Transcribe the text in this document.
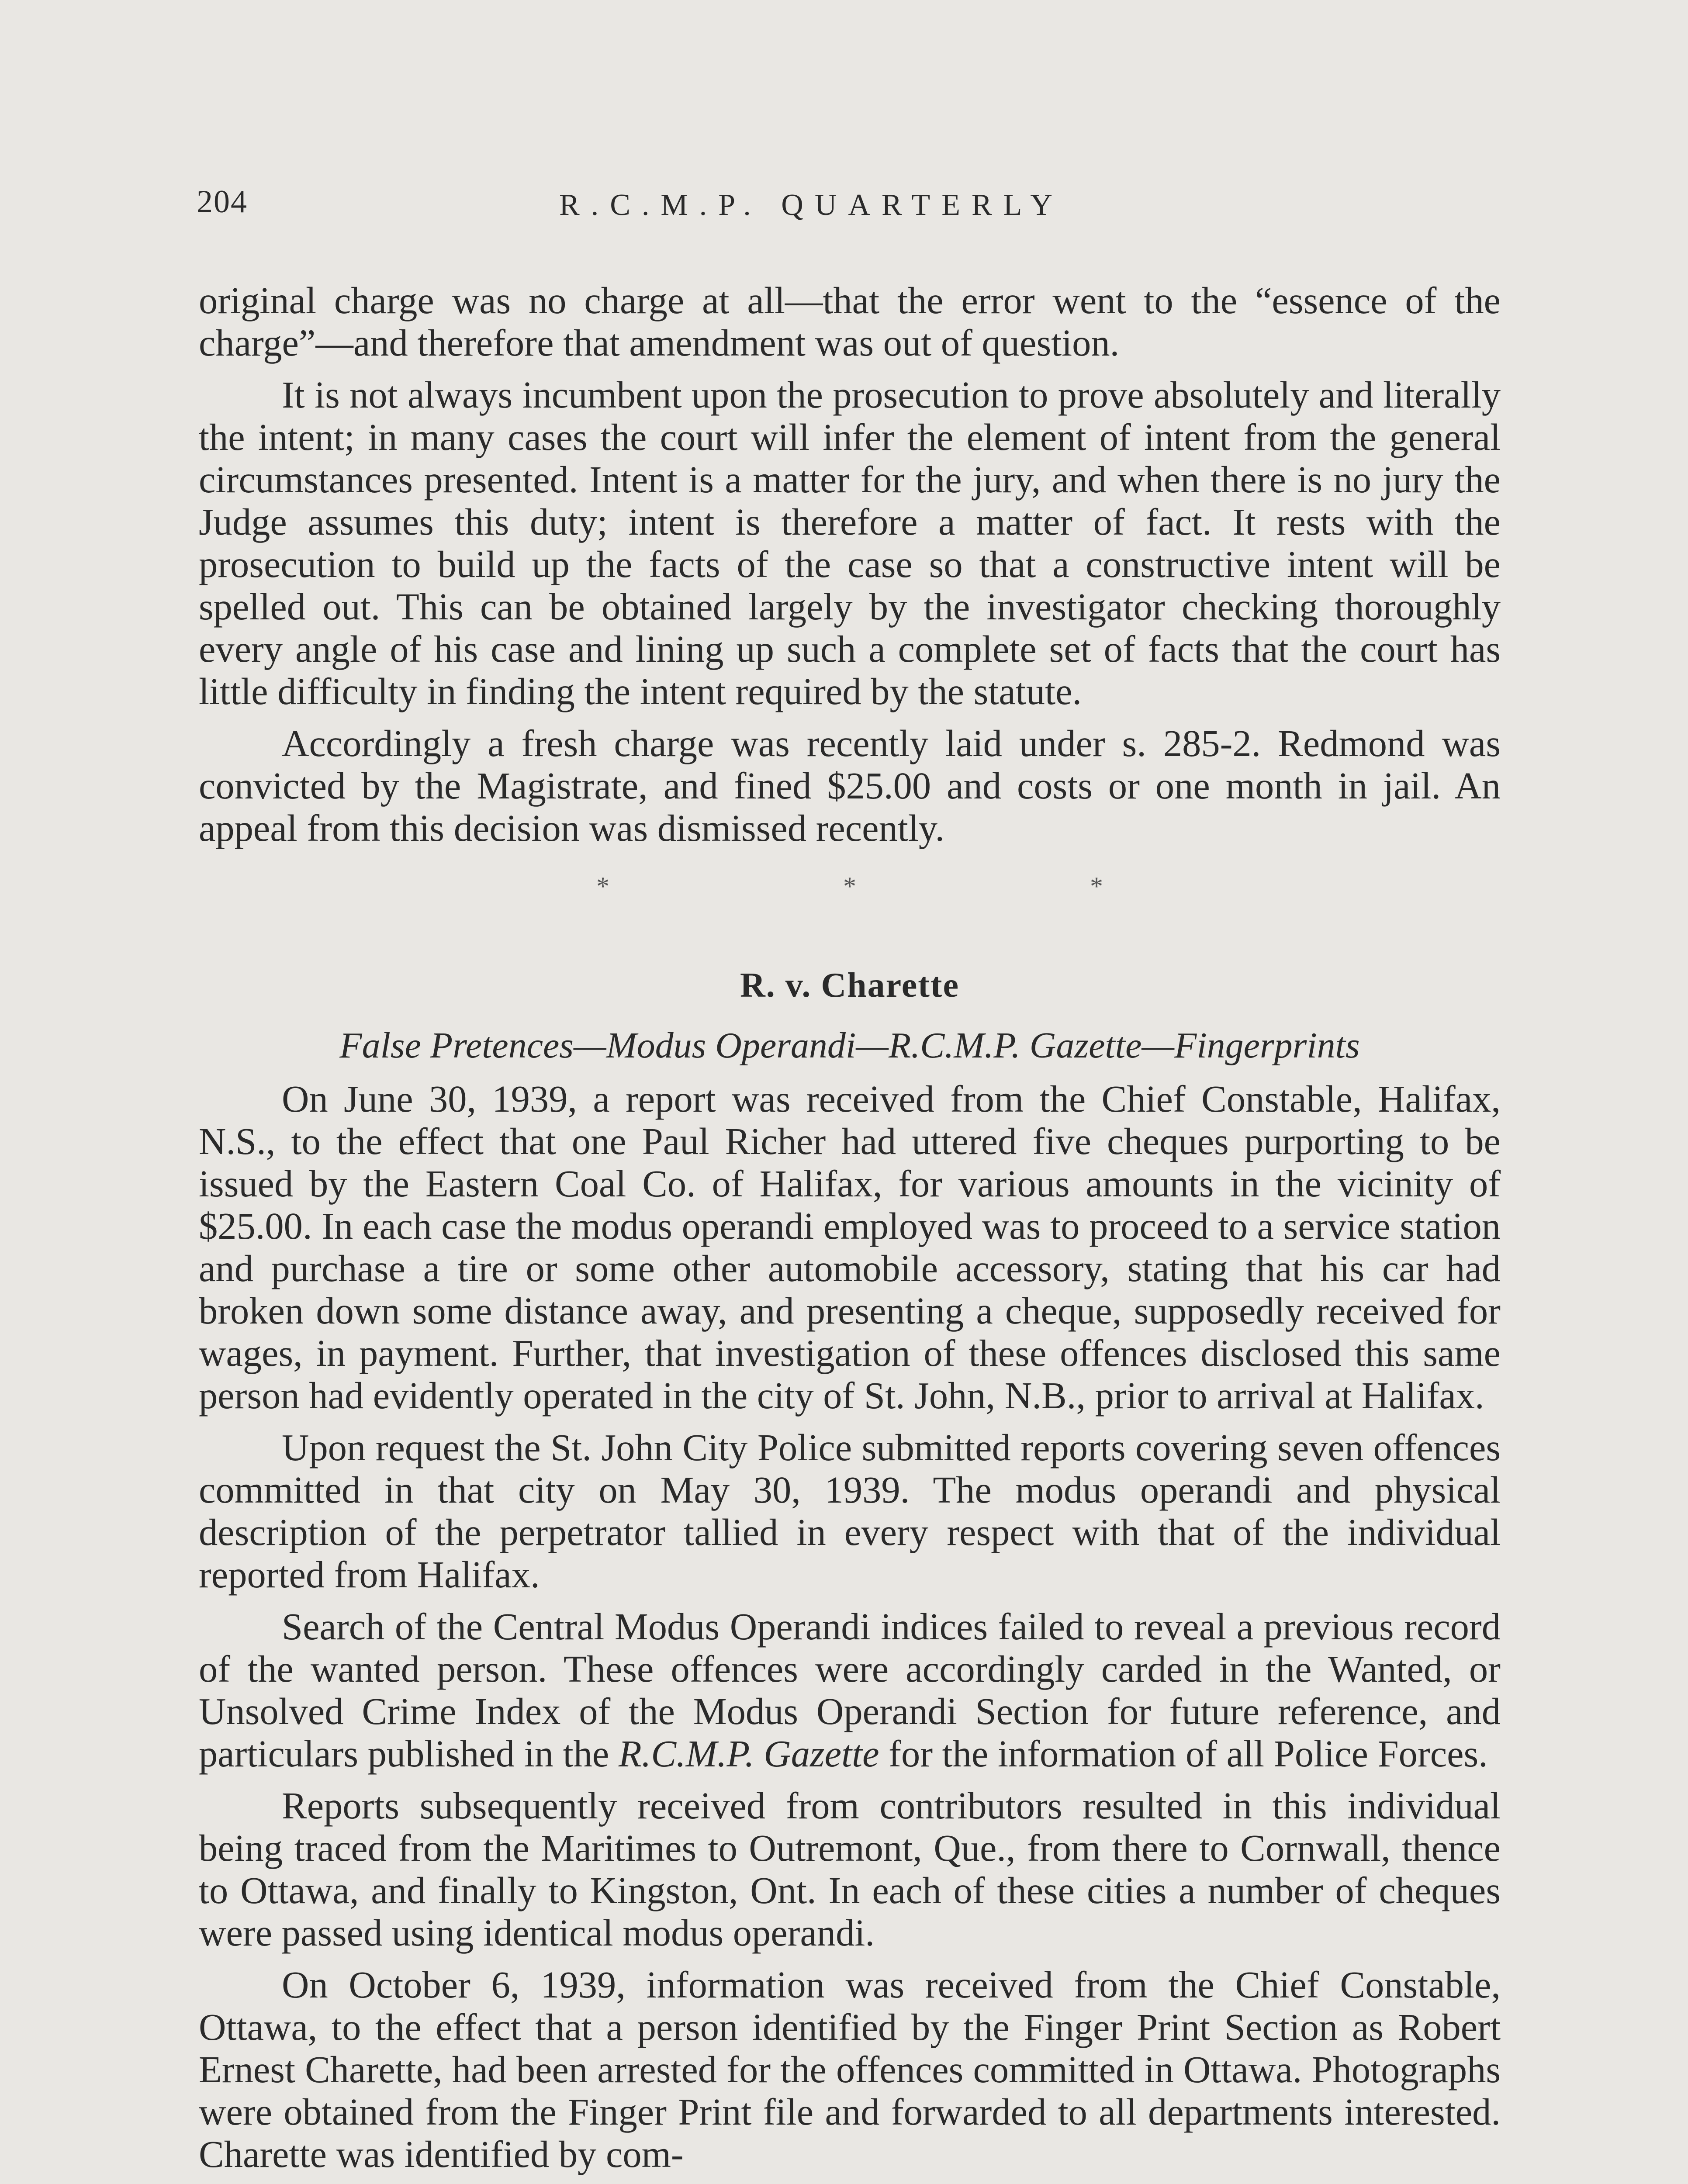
204	R.C.M.P. QUARTERLY

original charge was no charge at all—that the error went to the “essence of the charge”—and therefore that amendment was out of question.

It is not always incumbent upon the prosecution to prove absolutely and literally the intent; in many cases the court will infer the element of intent from the general circumstances presented. Intent is a matter for the jury, and when there is no jury the Judge assumes this duty; intent is therefore a matter of fact. It rests with the prosecution to build up the facts of the case so that a constructive intent will be spelled out. This can be obtained largely by the investigator checking thoroughly every angle of his case and lining up such a complete set of facts that the court has little difficulty in finding the intent required by the statute.

Accordingly a fresh charge was recently laid under s. 285-2. Redmond was convicted by the Magistrate, and fined $25.00 and costs or one month in jail. An appeal from this decision was dismissed recently.

* * *
R. v. Charette
False Pretences—Modus Operandi—R.C.M.P. Gazette—Fingerprints

On June 30, 1939, a report was received from the Chief Constable, Halifax, N.S., to the effect that one Paul Richer had uttered five cheques purporting to be issued by the Eastern Coal Co. of Halifax, for various amounts in the vicinity of $25.00. In each case the modus operandi employed was to proceed to a service station and purchase a tire or some other automobile accessory, stating that his car had broken down some distance away, and presenting a cheque, supposedly received for wages, in payment. Further, that investigation of these offences disclosed this same person had evidently operated in the city of St. John, N.B., prior to arrival at Halifax.

Upon request the St. John City Police submitted reports covering seven offences committed in that city on May 30, 1939. The modus operandi and physical description of the perpetrator tallied in every respect with that of the individual reported from Halifax.

Search of the Central Modus Operandi indices failed to reveal a previous record of the wanted person. These offences were accordingly carded in the Wanted, or Unsolved Crime Index of the Modus Operandi Section for future reference, and particulars published in the R.C.M.P. Gazette for the information of all Police Forces.

Reports subsequently received from contributors resulted in this individual being traced from the Maritimes to Outremont, Que., from there to Cornwall, thence to Ottawa, and finally to Kingston, Ont. In each of these cities a number of cheques were passed using identical modus operandi.

On October 6, 1939, information was received from the Chief Constable, Ottawa, to the effect that a person identified by the Finger Print Section as Robert Ernest Charette, had been arrested for the offences committed in Ottawa. Photographs were obtained from the Finger Print file and forwarded to all departments interested. Charette was identified by com-
